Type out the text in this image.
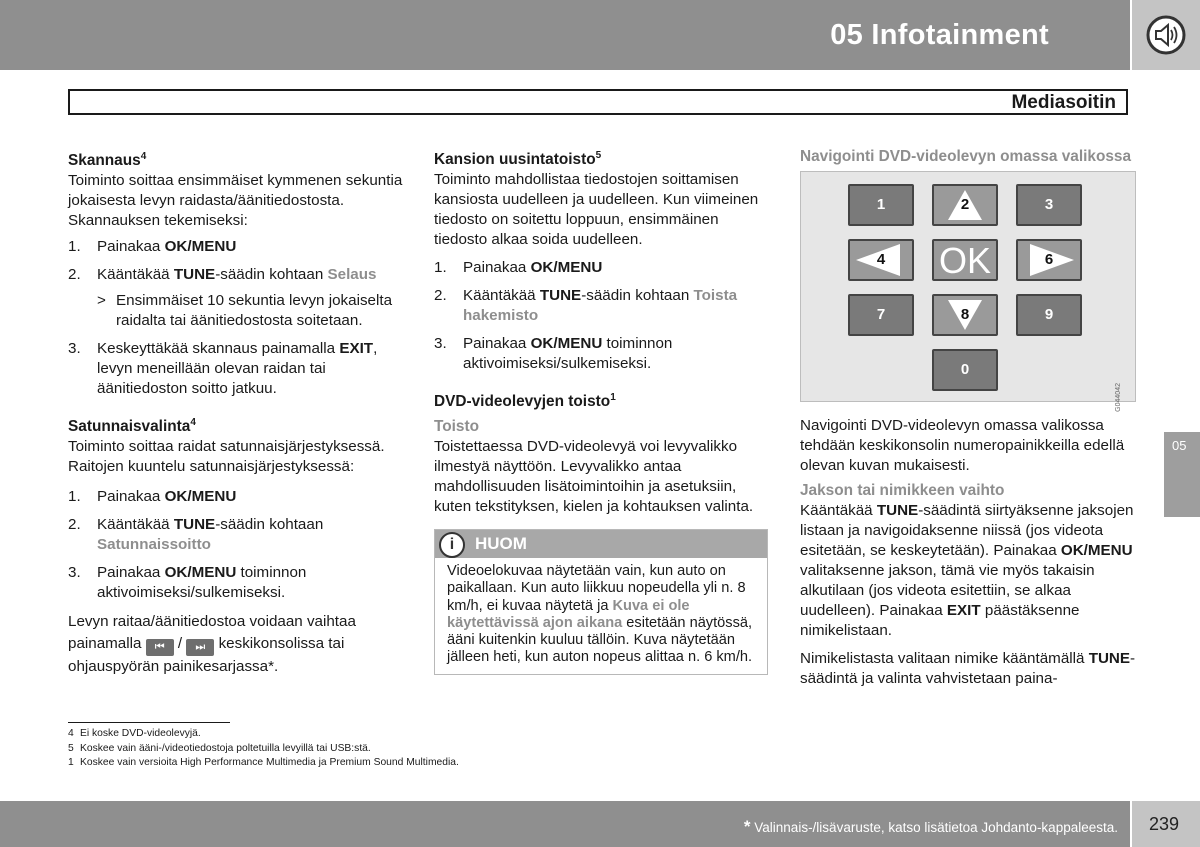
05 Infotainment
Mediasoitin
Skannaus$^4$

Toiminto soittaa ensimmäiset kymmenen sekuntia jokaisesta levyn raidasta/äänitiedostosta. Skannauksen tekemiseksi:

1. Painakaa OK/MENU
2. Kääntäkää TUNE-säädin kohtaan Selaus
> Ensimmäiset 10 sekuntia levyn jokaiselta raidalta tai äänitiedostosta soitetaan.
3. Keskeyttäkää skannaus painamalla EXIT, levyn meneillään olevan raidan tai äänitiedoston soitto jatkuu.
Satunnaisvalinta$^4$

Toiminto soittaa raidat satunnaisjärjestyksessä. Raitojen kuuntelu satunnaisjärjestyksessä:

1. Painakaa OK/MENU
2. Kääntäkää TUNE-säädin kohtaan Satunnaissoitto
3. Painakaa OK/MENU toiminnon aktivoimiseksi/sulkemiseksi.

Levyn raitaa/äänitiedostoa voidaan vaihtaa painamalla ⏮ / ⏭ keskikonsolissa tai ohjauspyörän painikesarjassa*.

Kansion uusintatoisto$^5$

Toiminto mahdollistaa tiedostojen soittamisen kansiosta uudelleen ja uudelleen. Kun viimeinen tiedosto on soitettu loppuun, ensimmäinen tiedosto alkaa soida uudelleen.

1. Painakaa OK/MENU
2. Kääntäkää TUNE-säädin kohtaan Toista hakemisto
3. Painakaa OK/MENU toiminnon aktivoimiseksi/sulkemiseksi.
DVD-videolevyjen toisto$^1$

Toisto

Toistettaessa DVD-videolevyä voi levyvalikko ilmestyä näyttöön. Levyvalikko antaa mahdollisuuden lisätoimintoihin ja asetuksiin, kuten tekstityksen, kielen ja kohtauksen valinta.

i	HUOM
Videoelokuvaa näytetään vain, kun auto on paikallaan. Kun auto liikkuu nopeudella yli n. 8 km/h, ei kuvaa näytetä ja Kuva ei ole käytettävissä ajon aikana esitetään näytössä, ääni kuitenkin kuuluu tällöin. Kuva näytetään jälleen heti, kun auton nopeus alittaa n. 6 km/h.

Navigointi DVD-videolevyn omassa valikossa

1	2	3
4	OK	6
7	8	9
0
G044042

Navigointi DVD-videolevyn omassa valikossa tehdään keskikonsolin numeropainikkeilla edellä olevan kuvan mukaisesti.

Jakson tai nimikkeen vaihto

Kääntäkää TUNE-säädintä siirtyäksenne jaksojen listaan ja navigoidaksenne niissä (jos videota esitetään, se keskeytetään). Painakaa OK/MENU valitaksenne jakson, tämä vie myös takaisin alkutilaan (jos videota esitettiin, se alkaa uudelleen). Painakaa EXIT päästäksenne nimikelistaan.

Nimikelistasta valitaan nimike kääntämällä TUNE-säädintä ja valinta vahvistetaan paina-

05
4 Ei koske DVD-videolevyjä.
5 Koskee vain ääni-/videotiedostoja poltetuilla levyillä tai USB:stä.
1 Koskee vain versioita High Performance Multimedia ja Premium Sound Multimedia.
* Valinnais-/lisävaruste, katso lisätietoa Johdanto-kappaleesta. 239
